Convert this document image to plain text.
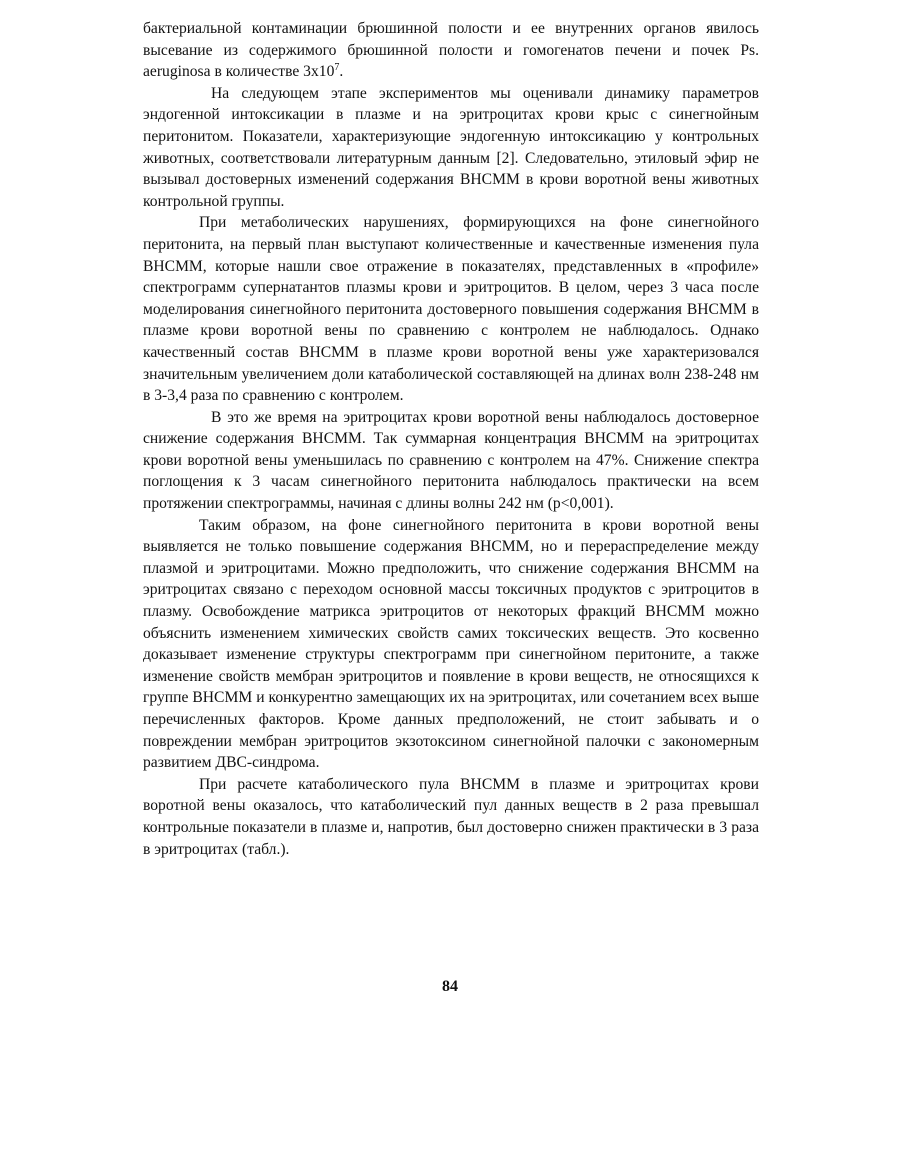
бактериальной контаминации брюшинной полости и ее внутренних органов явилось высевание из содержимого брюшинной полости и гомогенатов печени и почек Ps. aeruginosa в количестве $3х10^7$.

На следующем этапе экспериментов мы оценивали динамику параметров эндогенной интоксикации в плазме и на эритроцитах крови крыс с синегнойным перитонитом. Показатели, характеризующие эндогенную интоксикацию у контрольных животных, соответствовали литературным данным [2]. Следовательно, этиловый эфир не вызывал достоверных изменений содержания ВНСММ в крови воротной вены животных контрольной группы.

При метаболических нарушениях, формирующихся на фоне синегнойного перитонита, на первый план выступают количественные и качественные изменения пула ВНСММ, которые нашли свое отражение в показателях, представленных в «профиле» спектрограмм супернатантов плазмы крови и эритроцитов. В целом, через 3 часа после моделирования синегнойного перитонита достоверного повышения содержания ВНСММ в плазме крови воротной вены по сравнению с контролем не наблюдалось. Однако качественный состав ВНСММ в плазме крови воротной вены уже характеризовался значительным увеличением доли катаболической составляющей на длинах волн 238-248 нм в 3-3,4 раза по сравнению с контролем.

В это же время на эритроцитах крови воротной вены наблюдалось достоверное снижение содержания ВНСММ. Так суммарная концентрация ВНСММ на эритроцитах крови воротной вены уменьшилась по сравнению с контролем на 47%. Снижение спектра поглощения к 3 часам синегнойного перитонита наблюдалось практически на всем протяжении спектрограммы, начиная с длины волны 242 нм (р<0,001).

Таким образом, на фоне синегнойного перитонита в крови воротной вены выявляется не только повышение содержания ВНСММ, но и перераспределение между плазмой и эритроцитами. Можно предположить, что снижение содержания ВНСММ на эритроцитах связано с переходом основной массы токсичных продуктов с эритроцитов в плазму. Освобождение матрикса эритроцитов от некоторых фракций ВНСММ можно объяснить изменением химических свойств самих токсических веществ. Это косвенно доказывает изменение структуры спектрограмм при синегнойном перитоните, а также изменение свойств мембран эритроцитов и появление в крови веществ, не относящихся к группе ВНСММ и конкурентно замещающих их на эритроцитах, или сочетанием всех выше перечисленных факторов. Кроме данных предположений, не стоит забывать и о повреждении мембран эритроцитов экзотоксином синегнойной палочки с закономерным развитием ДВС-синдрома.

При расчете катаболического пула ВНСММ в плазме и эритроцитах крови воротной вены оказалось, что катаболический пул данных веществ в 2 раза превышал контрольные показатели в плазме и, напротив, был достоверно снижен практически в 3 раза в эритроцитах (табл.).

84
